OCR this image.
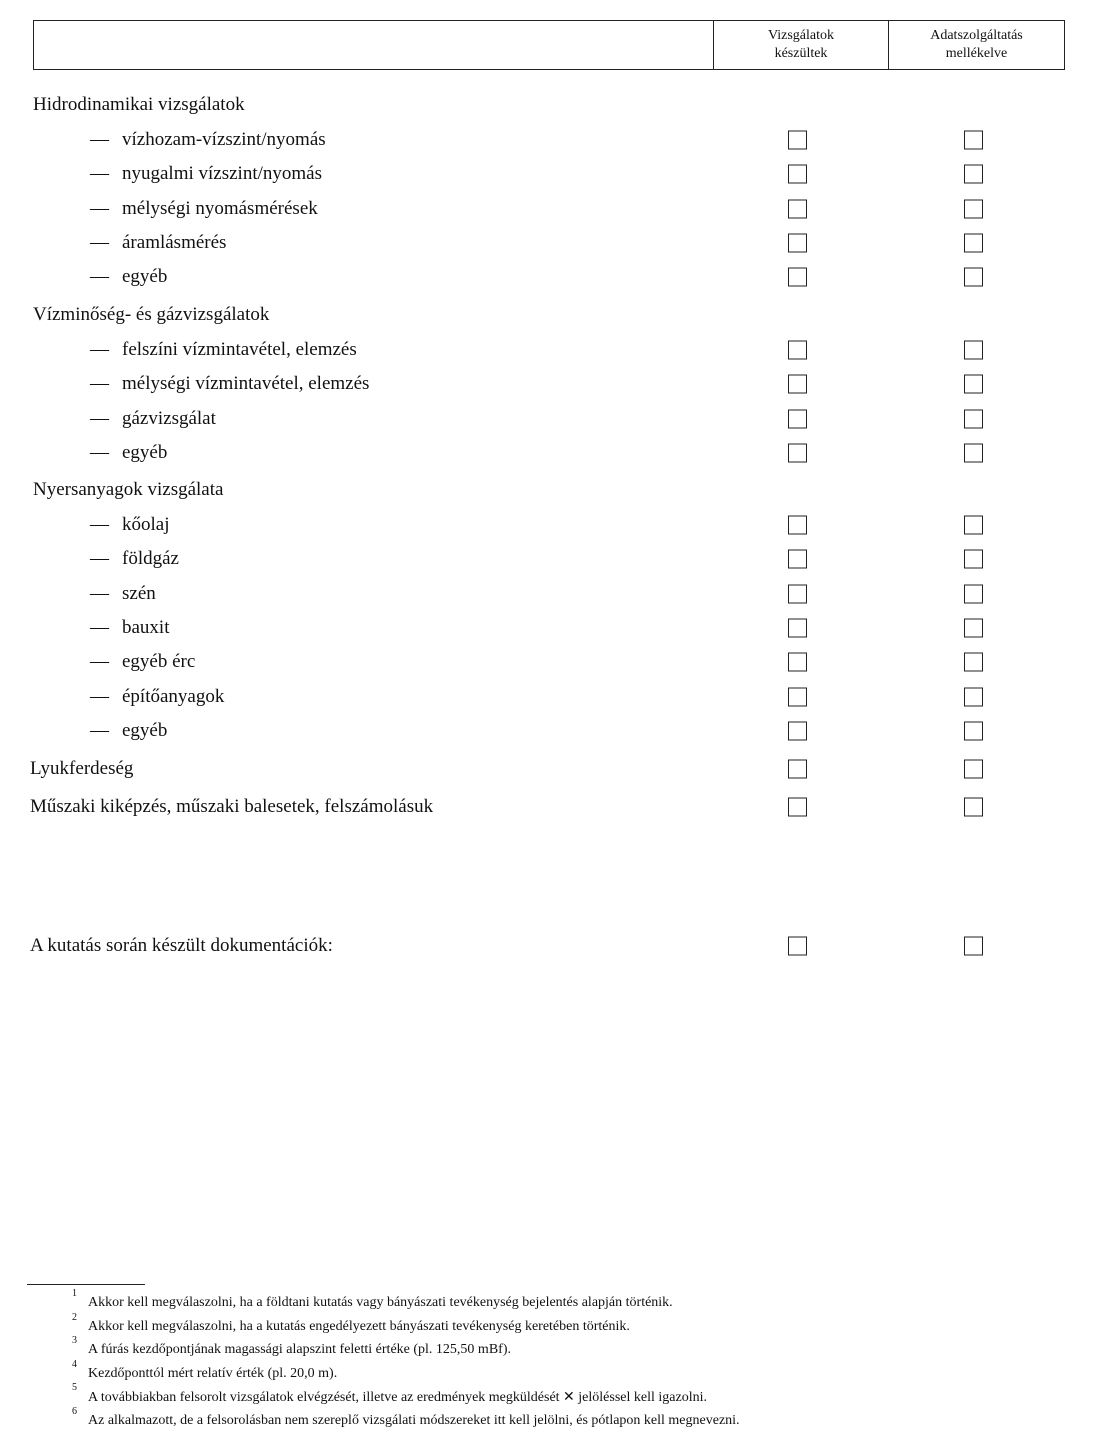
Vizsgálatok
készültek
Adatszolgáltatás
mellékelve
Hidrodinamikai vizsgálatok
— vízhozam-vízszint/nyomás
— nyugalmi vízszint/nyomás
— mélységi nyomásmérések
— áramlásmérés
— egyéb
Vízminőség- és gázvizsgálatok
— felszíni vízmintavétel, elemzés
— mélységi vízmintavétel, elemzés
— gázvizsgálat
— egyéb
Nyersanyagok vizsgálata
— kőolaj
— földgáz
— szén
— bauxit
— egyéb érc
— építőanyagok
— egyéb
Lyukferdeség
Műszaki kiképzés, műszaki balesetek, felszámolásuk
A kutatás során készült dokumentációk:
1
Akkor kell megválaszolni, ha a földtani kutatás vagy bányászati tevékenység bejelentés alapján történik.
2
Akkor kell megválaszolni, ha a kutatás engedélyezett bányászati tevékenység keretében történik.
3
A fúrás kezdőpontjának magassági alapszint feletti értéke (pl. 125,50 mBf).
4
Kezdőponttól mért relatív érték (pl. 20,0 m).
5
A továbbiakban felsorolt vizsgálatok elvégzését, illetve az eredmények megküldését ✕ jelöléssel kell igazolni.
6
Az alkalmazott, de a felsorolásban nem szereplő vizsgálati módszereket itt kell jelölni, és pótlapon kell megnevezni.
